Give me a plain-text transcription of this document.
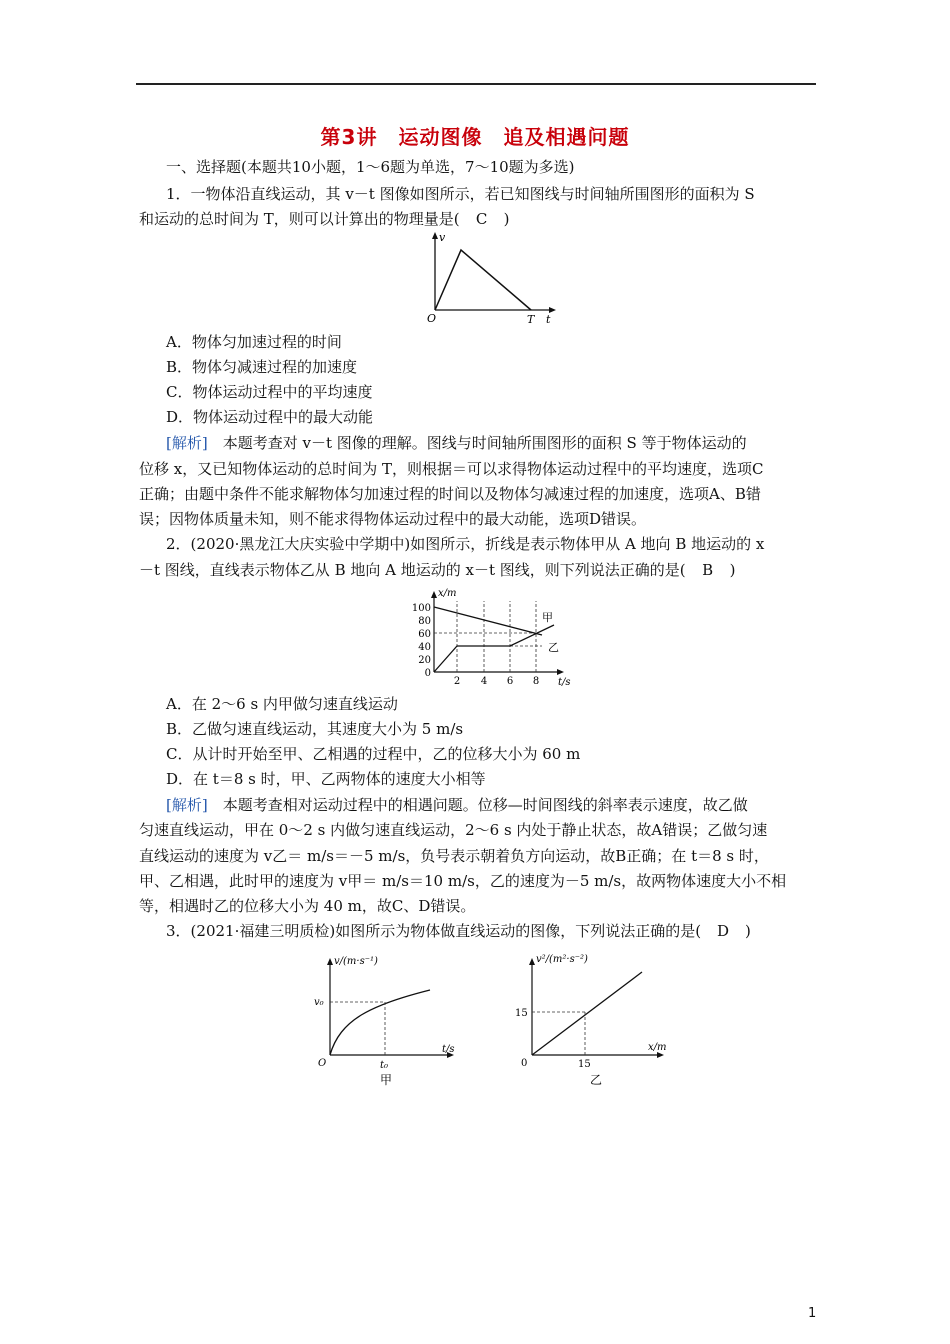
第3讲　运动图像　追及相遇问题
一、选择题(本题共10小题，1～6题为单选，7～10题为多选)
1．一物体沿直线运动，其 v－t 图像如图所示，若已知图线与时间轴所围图形的面积为 S
和运动的总时间为 T，则可以计算出的物理量是( C )
v
O	T t
A．物体匀加速过程的时间
B．物体匀减速过程的加速度
C．物体运动过程中的平均速度
D．物体运动过程中的最大动能
[解析]　 本题考查对 v－t 图像的理解。图线与时间轴所围图形的面积 S 等于物体运动的
位移 x，又已知物体运动的总时间为 T，则根据＝可以求得物体运动过程中的平均速度，选项C
正确；由题中条件不能求解物体匀加速过程的时间以及物体匀减速过程的加速度，选项A、B错
误；因物体质量未知，则不能求得物体运动过程中的最大动能，选项D错误。
2．(2020·黑龙江大庆实验中学期中)如图所示，折线是表示物体甲从 A 地向 B 地运动的 x
－t 图线，直线表示物体乙从 B 地向 A 地运动的 x－t 图线，则下列说法正确的是( B )
100
80
60
40
20
0
2 4 6 8
x/m
t/s
甲
乙
A．在 2～6 s 内甲做匀速直线运动
B．乙做匀速直线运动，其速度大小为 5 m/s
C．从计时开始至甲、乙相遇的过程中，乙的位移大小为 60 m
D．在 t＝8 s 时，甲、乙两物体的速度大小相等
[解析]　 本题考查相对运动过程中的相遇问题。位移—时间图线的斜率表示速度，故乙做
匀速直线运动，甲在 0～2 s 内做匀速直线运动，2～6 s 内处于静止状态，故A错误；乙做匀速
直线运动的速度为 v乙＝ m/s＝－5 m/s，负号表示朝着负方向运动，故B正确；在 t＝8 s 时，
甲、乙相遇，此时甲的速度为 v甲＝ m/s＝10 m/s，乙的速度为－5 m/s，故两物体速度大小不相
等，相遇时乙的位移大小为 40 m，故C、D错误。
3．(2021·福建三明质检)如图所示为物体做直线运动的图像，下列说法正确的是( D )
v/(m·s⁻¹)
t/s
v₀
t₀
O
甲
v²/(m²·s⁻²)
x/m
15
15
0
乙
1
